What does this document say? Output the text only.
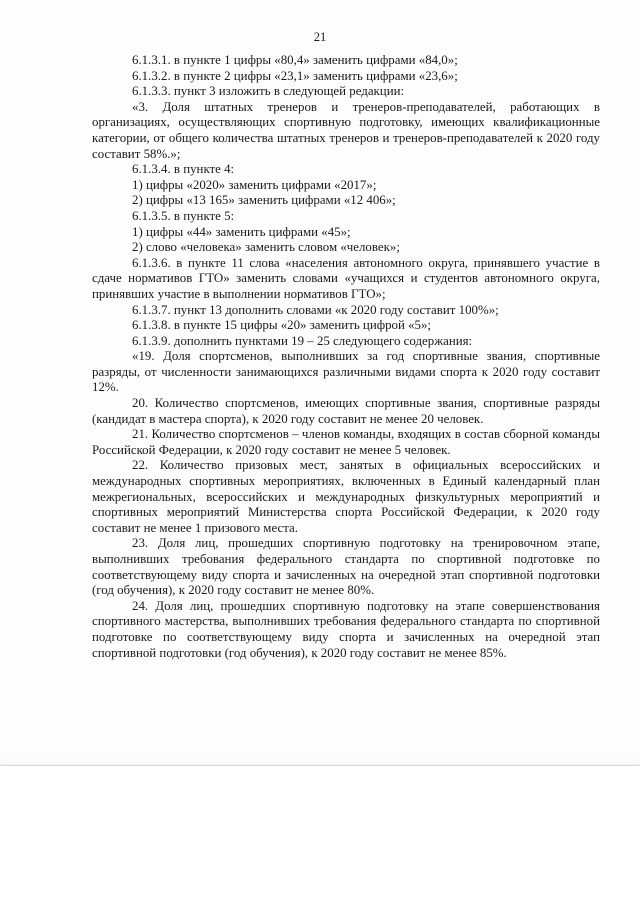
21

6.1.3.1. в пункте 1 цифры «80,4» заменить цифрами «84,0»;

6.1.3.2. в пункте 2 цифры «23,1» заменить цифрами «23,6»;

6.1.3.3. пункт 3 изложить в следующей редакции:

«3. Доля штатных тренеров и тренеров-преподавателей, работающих в организациях, осуществляющих спортивную подготовку, имеющих квалификационные категории, от общего количества штатных тренеров и тренеров-преподавателей к 2020 году составит 58%.»;

6.1.3.4. в пункте 4:

1) цифры «2020» заменить цифрами «2017»;

2) цифры «13 165» заменить цифрами «12 406»;

6.1.3.5. в пункте 5:

1) цифры «44» заменить цифрами «45»;

2) слово «человека» заменить словом «человек»;

6.1.3.6. в пункте 11 слова «населения автономного округа, принявшего участие в сдаче нормативов ГТО» заменить словами «учащихся и студентов автономного округа, принявших участие в выполнении нормативов ГТО»;

6.1.3.7. пункт 13 дополнить словами «к 2020 году составит 100%»;

6.1.3.8. в пункте 15 цифры «20» заменить цифрой «5»;

6.1.3.9. дополнить пунктами 19 – 25 следующего содержания:

«19. Доля спортсменов, выполнивших за год спортивные звания, спортивные разряды, от численности занимающихся различными видами спорта к 2020 году составит 12%.

20. Количество спортсменов, имеющих спортивные звания, спортивные разряды (кандидат в мастера спорта), к 2020 году составит не менее 20 человек.

21. Количество спортсменов – членов команды, входящих в состав сборной команды Российской Федерации, к 2020 году составит не менее 5 человек.

22. Количество призовых мест, занятых в официальных всероссийских и международных спортивных мероприятиях, включенных в Единый календарный план межрегиональных, всероссийских и международных физкультурных мероприятий и спортивных мероприятий Министерства спорта Российской Федерации, к 2020 году составит не менее 1 призового места.

23. Доля лиц, прошедших спортивную подготовку на тренировочном этапе, выполнивших требования федерального стандарта по спортивной подготовке по соответствующему виду спорта и зачисленных на очередной этап спортивной подготовки (год обучения), к 2020 году составит не менее 80%.

24. Доля лиц, прошедших спортивную подготовку на этапе совершенствования спортивного мастерства, выполнивших требования федерального стандарта по спортивной подготовке по соответствующему виду спорта и зачисленных на очередной этап спортивной подготовки (год обучения), к 2020 году составит не менее 85%.
